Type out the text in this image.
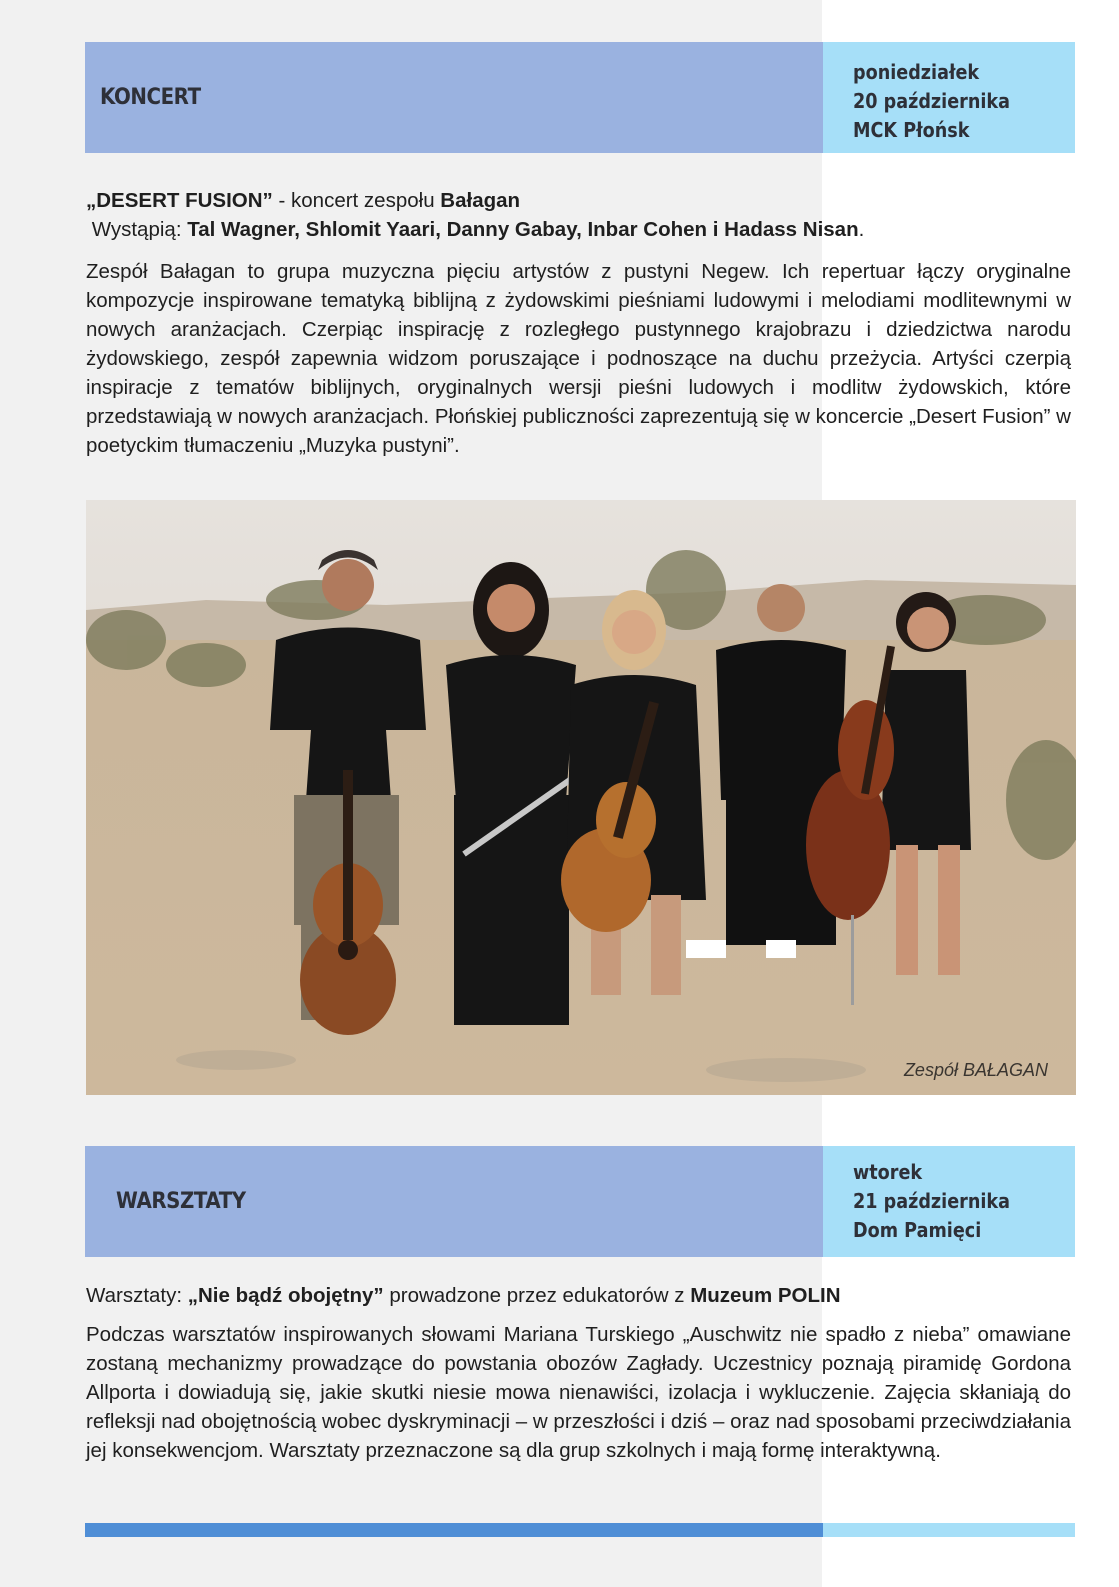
KONCERT
poniedziałek
20 października
MCK Płońsk
„DESERT FUSION” - koncert zespołu Bałagan
Wystąpią: Tal Wagner, Shlomit Yaari, Danny Gabay, Inbar Cohen i Hadass Nisan.
Zespół Bałagan to grupa muzyczna pięciu artystów z pustyni Negew. Ich repertuar łączy oryginalne kompozycje inspirowane tematyką biblijną z żydowskimi pieśniami ludowymi i melodiami modlitewnymi w nowych aranżacjach. Czerpiąc inspirację z rozległego pustynnego krajobrazu i dziedzictwa narodu żydowskiego, zespół zapewnia widzom poruszające i podnoszące na duchu przeżycia. Artyści czerpią inspiracje z tematów biblijnych, oryginalnych wersji pieśni ludowych i modlitw żydowskich, które przedstawiają w nowych aranżacjach. Płońskiej publiczności zaprezentują się w koncercie „Desert Fusion” w poetyckim tłumaczeniu „Muzyka pustyni”.
Zespół BAŁAGAN
WARSZTATY
wtorek
21 października
Dom Pamięci
Warsztaty: „Nie bądź obojętny” prowadzone przez edukatorów z Muzeum POLIN
Podczas warsztatów inspirowanych słowami Mariana Turskiego „Auschwitz nie spadło z nieba” omawiane zostaną mechanizmy prowadzące do powstania obozów Zagłady. Uczestnicy poznają piramidę Gordona Allporta i dowiadują się, jakie skutki niesie mowa nienawiści, izolacja i wykluczenie. Zajęcia skłaniają do refleksji nad obojętnością wobec dyskryminacji – w przeszłości i dziś – oraz nad sposobami przeciwdziałania jej konsekwencjom. Warsztaty przeznaczone są dla grup szkolnych i mają formę interaktywną.
